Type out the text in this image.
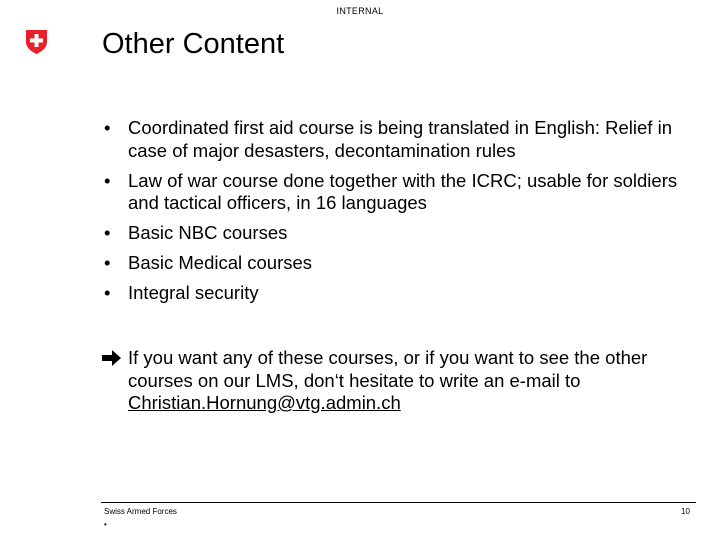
INTERNAL
Other Content
• Coordinated first aid course is being translated in English: Relief in case of major desasters, decontamination rules
• Law of war course done together with the ICRC; usable for soldiers and tactical officers, in 16 languages
• Basic NBC courses
• Basic Medical courses
• Integral security
If you want any of these courses, or if you want to see the other courses on our LMS, don‘t hesitate to write an e-mail to Christian.Hornung@vtg.admin.ch
Swiss Armed Forces
•
10
